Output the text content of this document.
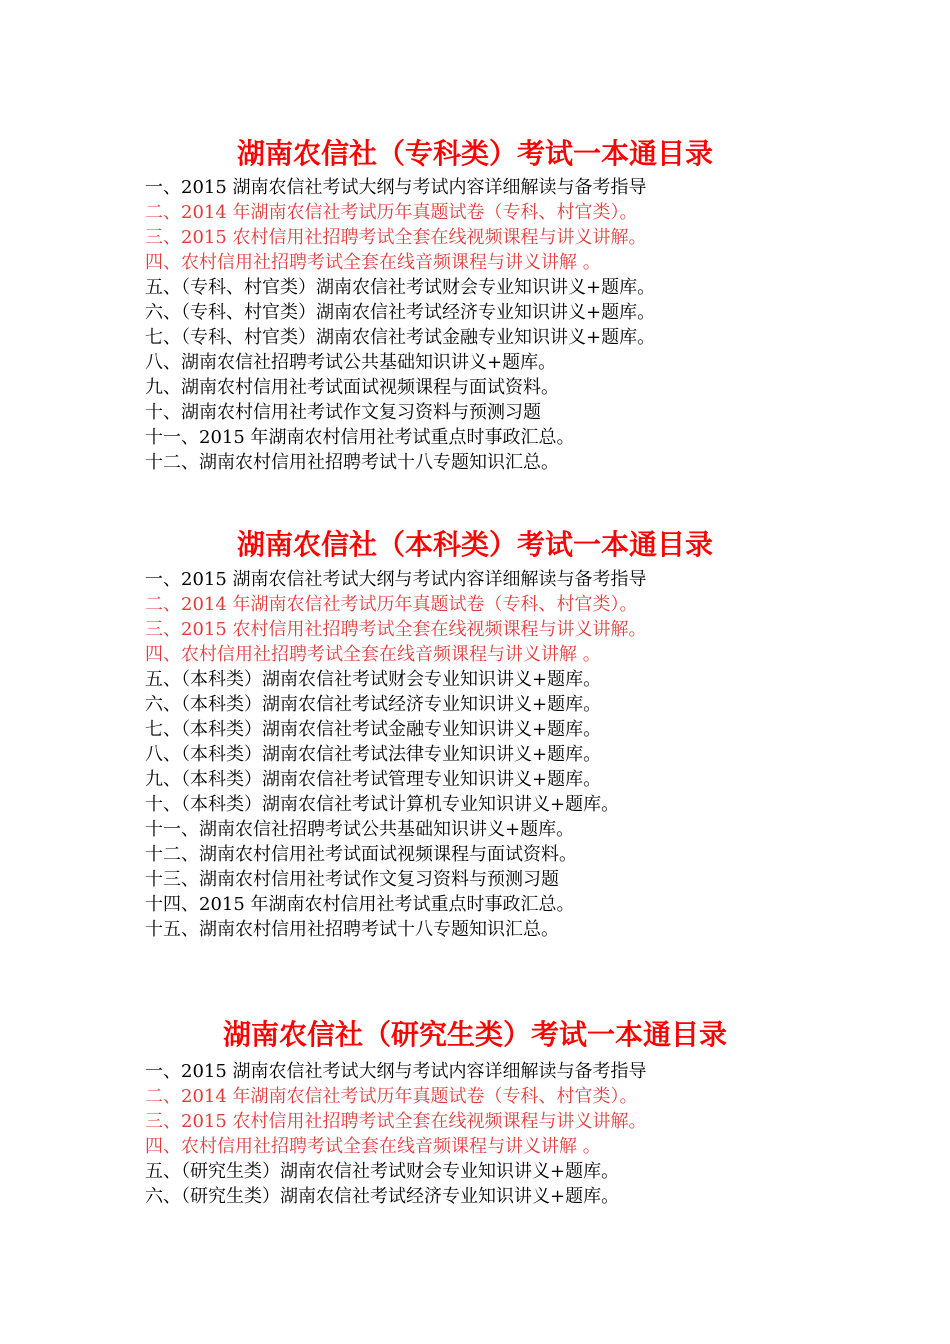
湖南农信社（专科类）考试一本通目录
一、2015 湖南农信社考试大纲与考试内容详细解读与备考指导
二、2014 年湖南农信社考试历年真题试卷（专科、村官类）。
三、2015 农村信用社招聘考试全套在线视频课程与讲义讲解。
四、农村信用社招聘考试全套在线音频课程与讲义讲解 。
五、（专科、村官类）湖南农信社考试财会专业知识讲义+题库。
六、（专科、村官类）湖南农信社考试经济专业知识讲义+题库。
七、（专科、村官类）湖南农信社考试金融专业知识讲义+题库。
八、湖南农信社招聘考试公共基础知识讲义+题库。
九、湖南农村信用社考试面试视频课程与面试资料。
十、湖南农村信用社考试作文复习资料与预测习题
十一、2015 年湖南农村信用社考试重点时事政汇总。
十二、湖南农村信用社招聘考试十八专题知识汇总。
湖南农信社（本科类）考试一本通目录
一、2015 湖南农信社考试大纲与考试内容详细解读与备考指导
二、2014 年湖南农信社考试历年真题试卷（专科、村官类）。
三、2015 农村信用社招聘考试全套在线视频课程与讲义讲解。
四、农村信用社招聘考试全套在线音频课程与讲义讲解 。
五、（本科类）湖南农信社考试财会专业知识讲义+题库。
六、（本科类）湖南农信社考试经济专业知识讲义+题库。
七、（本科类）湖南农信社考试金融专业知识讲义+题库。
八、（本科类）湖南农信社考试法律专业知识讲义+题库。
九、（本科类）湖南农信社考试管理专业知识讲义+题库。
十、（本科类）湖南农信社考试计算机专业知识讲义+题库。
十一、湖南农信社招聘考试公共基础知识讲义+题库。
十二、湖南农村信用社考试面试视频课程与面试资料。
十三、湖南农村信用社考试作文复习资料与预测习题
十四、2015 年湖南农村信用社考试重点时事政汇总。
十五、湖南农村信用社招聘考试十八专题知识汇总。
湖南农信社（研究生类）考试一本通目录
一、2015 湖南农信社考试大纲与考试内容详细解读与备考指导
二、2014 年湖南农信社考试历年真题试卷（专科、村官类）。
三、2015 农村信用社招聘考试全套在线视频课程与讲义讲解。
四、农村信用社招聘考试全套在线音频课程与讲义讲解 。
五、（研究生类）湖南农信社考试财会专业知识讲义+题库。
六、（研究生类）湖南农信社考试经济专业知识讲义+题库。
